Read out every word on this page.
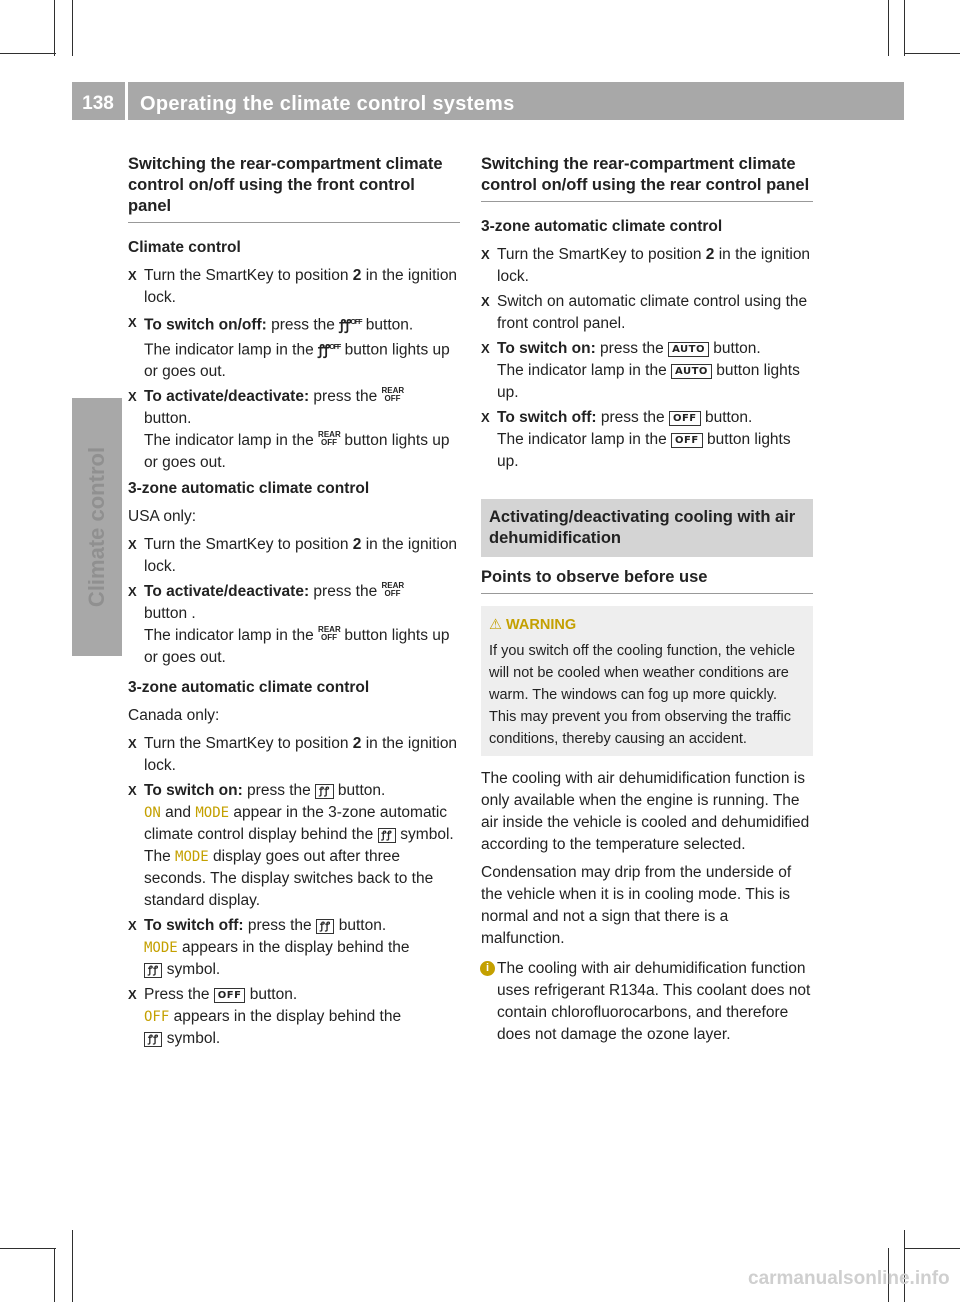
138	Operating the climate control systems
Climate control
Switching the rear-compartment climate control on/off using the front control panel
Climate control
X Turn the SmartKey to position 2 in the ignition lock.
X To switch on/off: press the ꝭꝭ$^{OFF}$ button.
The indicator lamp in the ꝭꝭ$^{OFF}$ button lights up or goes out.
X To activate/deactivate: press the REAR
OFF
button.
The indicator lamp in the REAR
OFF button lights up or goes out.
3-zone automatic climate control
USA only:
X Turn the SmartKey to position 2 in the ignition lock.
X To activate/deactivate: press the REAR
OFF
button .
The indicator lamp in the REAR
OFF button lights up or goes out.
3-zone automatic climate control
Canada only:
X Turn the SmartKey to position 2 in the ignition lock.
X To switch on: press the ꝭꝭ button.
ON and MODE appear in the 3-zone automatic climate control display behind the ꝭꝭ symbol. The MODE display goes out after three seconds. The display switches back to the standard display.
X To switch off: press the ꝭꝭ button.
MODE appears in the display behind the
ꝭꝭ symbol.
X Press the OFF button.
OFF appears in the display behind the
ꝭꝭ symbol.
Switching the rear-compartment climate control on/off using the rear control panel
3-zone automatic climate control
X Turn the SmartKey to position 2 in the ignition lock.
X Switch on automatic climate control using the front control panel.
X To switch on: press the AUTO button.
The indicator lamp in the AUTO button lights up.
X To switch off: press the OFF button.
The indicator lamp in the OFF button lights up.
Activating/deactivating cooling with air dehumidification
Points to observe before use
⚠ WARNING
If you switch off the cooling function, the vehicle will not be cooled when weather conditions are warm. The windows can fog up more quickly. This may prevent you from observing the traffic conditions, thereby causing an accident.
The cooling with air dehumidification function is only available when the engine is running. The air inside the vehicle is cooled and dehumidified according to the temperature selected.
Condensation may drip from the underside of the vehicle when it is in cooling mode. This is normal and not a sign that there is a malfunction.
i The cooling with air dehumidification function uses refrigerant R134a. This coolant does not contain chlorofluorocarbons, and therefore does not damage the ozone layer.
carmanualsonline.info
